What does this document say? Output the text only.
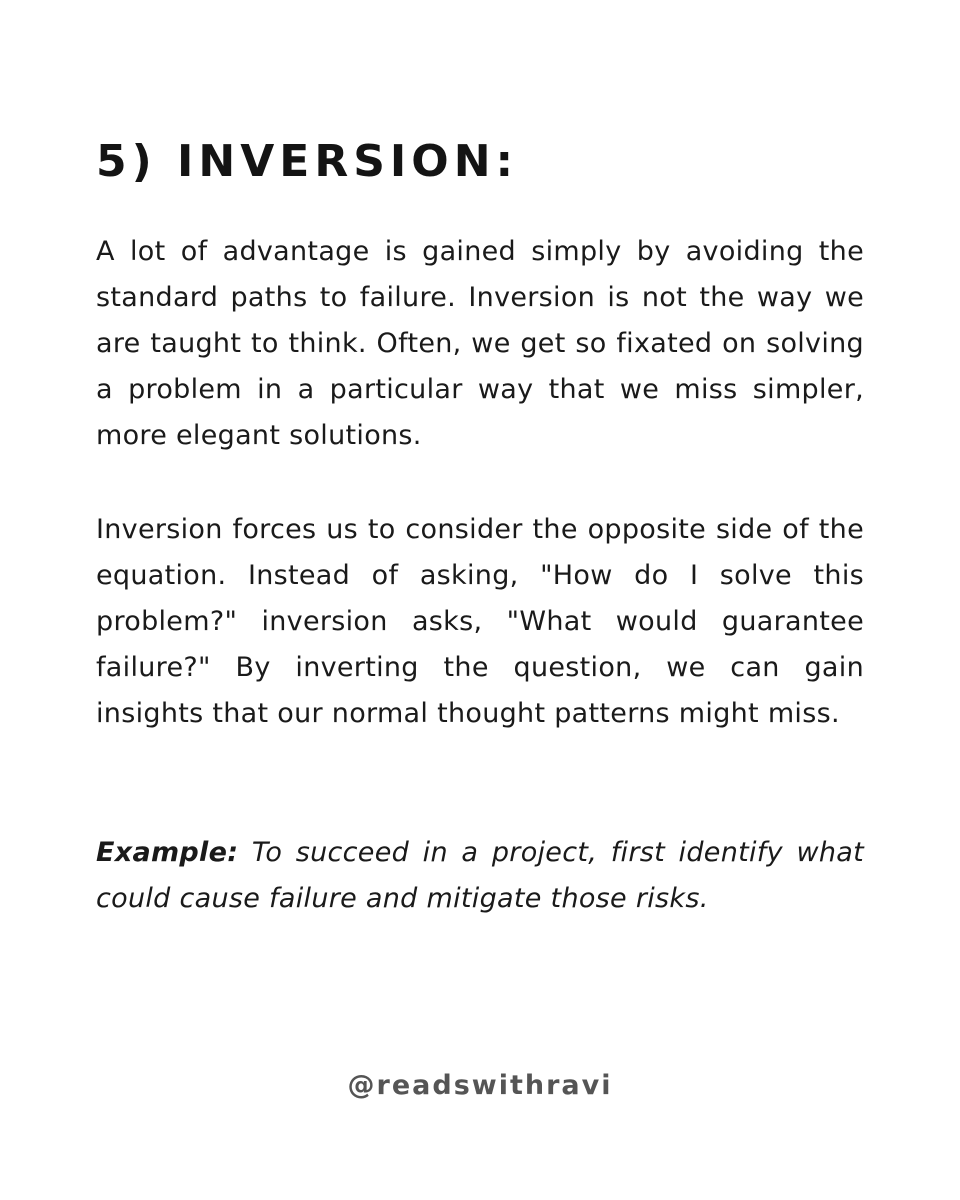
5) INVERSION:

A lot of advantage is gained simply by avoiding the standard paths to failure. Inversion is not the way we are taught to think. Often, we get so fixated on solving a problem in a particular way that we miss simpler, more elegant solutions.

Inversion forces us to consider the opposite side of the equation. Instead of asking, "How do I solve this problem?" inversion asks, "What would guarantee failure?" By inverting the question, we can gain insights that our normal thought patterns might miss.

Example: To succeed in a project, first identify what could cause failure and mitigate those risks.

@readswithravi
